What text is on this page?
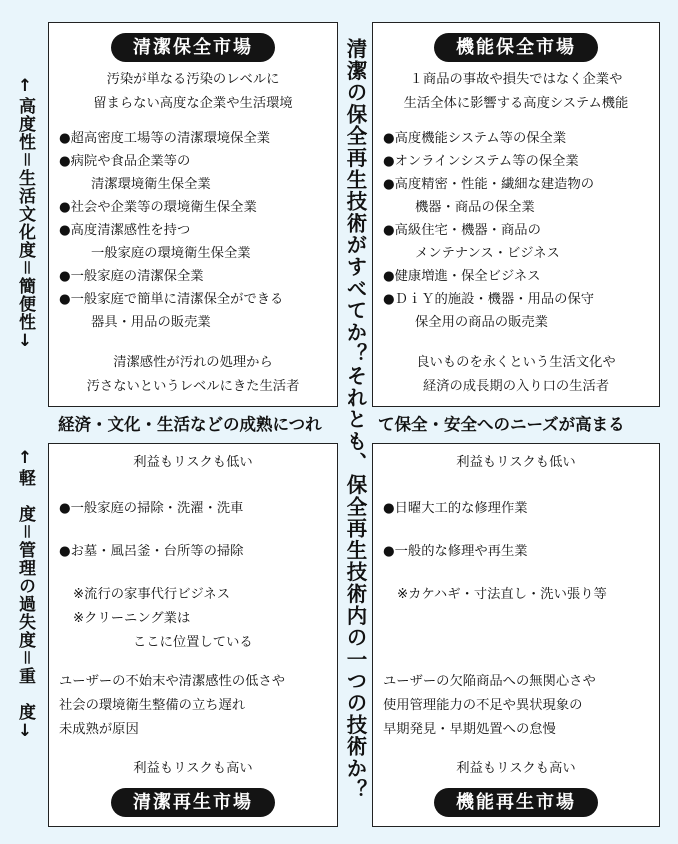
↑高度性＝生活文化度＝簡便性↓
↑軽　度＝管理の過失度＝重　度↓	清潔の保全再生技術がすべてか？それとも、保全再生技術内の一つの技術か？
経済・文化・生活などの成熟につれ	て保全・安全へのニーズが高まる
清潔保全市場
汚染が単なる汚染のレベルに
留まらない高度な企業や生活環境
●超高密度工場等の清潔環境保全業
●病院や食品企業等の
清潔環境衛生保全業
●社会や企業等の環境衛生保全業
●高度清潔感性を持つ
一般家庭の環境衛生保全業
●一般家庭の清潔保全業
●一般家庭で簡単に清潔保全ができる
器具・用品の販売業
清潔感性が汚れの処理から
汚さないというレベルにきた生活者
機能保全市場
１商品の事故や損失ではなく企業や
生活全体に影響する高度システム機能
●高度機能システム等の保全業
●オンラインシステム等の保全業
●高度精密・性能・繊細な建造物の
機器・商品の保全業
●高級住宅・機器・商品の
メンテナンス・ビジネス
●健康増進・保全ビジネス
●ＤｉＹ的施設・機器・用品の保守
保全用の商品の販売業
良いものを永くという生活文化や
経済の成長期の入り口の生活者
利益もリスクも低い
●一般家庭の掃除・洗濯・洗車
●お墓・風呂釜・台所等の掃除
※流行の家事代行ビジネス
※クリーニング業は
ここに位置している
ユーザーの不始末や清潔感性の低さや
社会の環境衛生整備の立ち遅れ
未成熟が原因
利益もリスクも高い
清潔再生市場
利益もリスクも低い
●日曜大工的な修理作業
●一般的な修理や再生業
※カケハギ・寸法直し・洗い張り等
ユーザーの欠陥商品への無関心さや
使用管理能力の不足や異状現象の
早期発見・早期処置への怠慢
利益もリスクも高い
機能再生市場
